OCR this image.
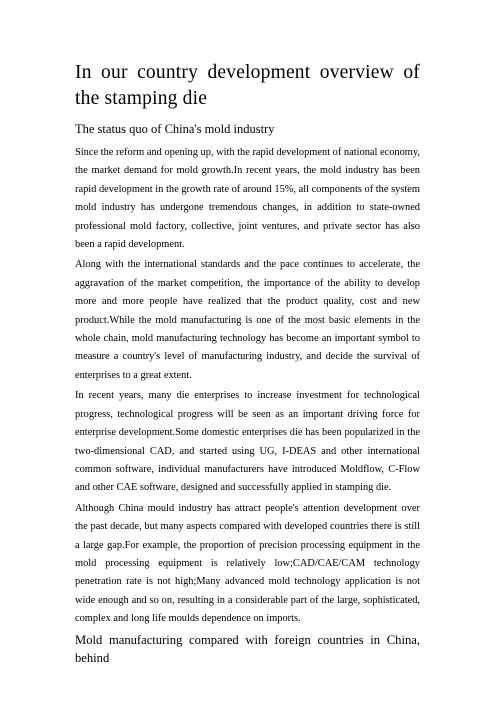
In our country development overview of the stamping die
The status quo of China's mold industry

Since the reform and opening up, with the rapid development of national economy, the market demand for mold growth.In recent years, the mold industry has been rapid development in the growth rate of around 15%, all components of the system mold industry has undergone tremendous changes, in addition to state-owned professional mold factory, collective, joint ventures, and private sector has also been a rapid development.

Along with the international standards and the pace continues to accelerate, the aggravation of the market competition, the importance of the ability to develop more and more people have realized that the product quality, cost and new product.While the mold manufacturing is one of the most basic elements in the whole chain, mold manufacturing technology has become an important symbol to measure a country's level of manufacturing industry, and decide the survival of enterprises to a great extent.

In recent years, many die enterprises to increase investment for technological progress, technological progress will be seen as an important driving force for enterprise development.Some domestic enterprises die has been popularized in the two-dimensional CAD, and started using UG, I-DEAS and other international common software, individual manufacturers have introduced Moldflow, C-Flow and other CAE software, designed and successfully applied in stamping die.

Although China mould industry has attract people's attention development over the past decade, but many aspects compared with developed countries there is still a large gap.For example, the proportion of precision processing equipment in the mold processing equipment is relatively low;CAD/CAE/CAM technology penetration rate is not high;Many advanced mold technology application is not wide enough and so on, resulting in a considerable part of the large, sophisticated, complex and long life moulds dependence on imports.

Mold manufacturing compared with foreign countries in China, behind
